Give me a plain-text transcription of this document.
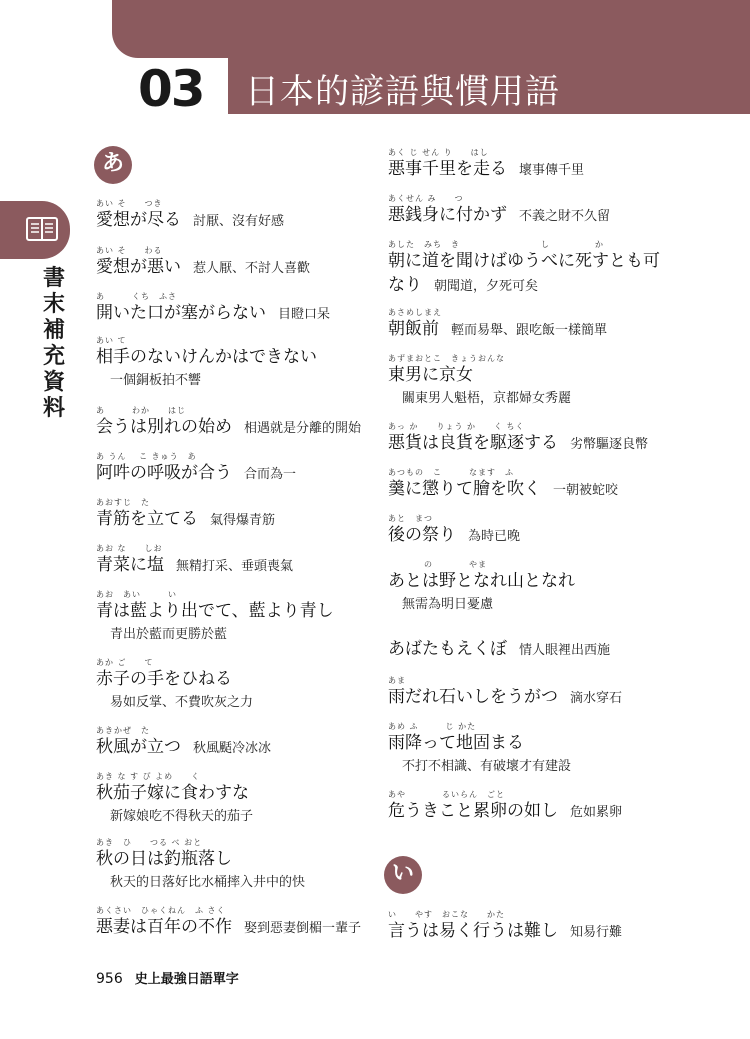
03 日本的諺語與慣用語
書末補充資料
あ
い
あい そ　　つき
愛想が尽る 討厭、沒有好感
あい そ　　わる
愛想が悪い 惹人厭、不討人喜歡
あ　　　くち　ふさ
開いた口が塞がらない 目瞪口呆
あい て
相手のないけんかはできない
一個銅板拍不響
あ　　　わか　　はじ
会うは別れの始め 相遇就是分離的開始
あ うん　 こ きゅう　あ
阿吽の呼吸が合う 合而為一
あおすじ　た
青筋を立てる 氣得爆青筋
あお な　　しお
青菜に塩 無精打采、垂頭喪氣
あお　あい　　　い
青は藍より出でて、藍より青し
青出於藍而更勝於藍
あか ご　　て
赤子の手をひねる
易如反掌、不費吹灰之力
あきかぜ　た
秋風が立つ 秋風颳冷冰冰
あき な す び よめ　　く
秋茄子嫁に食わすな
新嫁娘吃不得秋天的茄子
あき　ひ　　つる べ おと
秋の日は釣瓶落し
秋天的日落好比水桶摔入井中的快
あくさい　ひゃくねん　ふ さく
悪妻は百年の不作 娶到惡妻倒楣一輩子
あく じ せん り　　はし
悪事千里を走る 壞事傳千里
あくせん み　　つ
悪銭身に付かず 不義之財不久留
あした　みち　き　　　　　　　　　し　　　　　か
朝に道を聞けばゆうべに死すとも可
なり 朝聞道，夕死可矣
あさめしまえ
朝飯前 輕而易舉、跟吃飯一樣簡單
あずまおとこ　きょうおんな
東男に京女
關東男人魁梧，京都婦女秀麗
あっ か　　りょう か　　く ちく
悪貨は良貨を駆逐する 劣幣驅逐良幣
あつもの　こ　　　なます　ふ
羹に懲りて膾を吹く 一朝被蛇咬
あと　まつ
後の祭り 為時已晚
　　　　の　　　　やま
あとは野となれ山となれ
無需為明日憂慮
あばたもえくぼ 情人眼裡出西施
あま
雨だれ石いしをうがつ 滴水穿石
あめ ふ　　　じ かた
雨降って地固まる
不打不相識、有破壞才有建設
あや　　　　るいらん　ごと
危うきこと累卵の如し 危如累卵
い　　やす　おこな　　かた
言うは易く行うは難し 知易行難
956 史上最強日語單字
